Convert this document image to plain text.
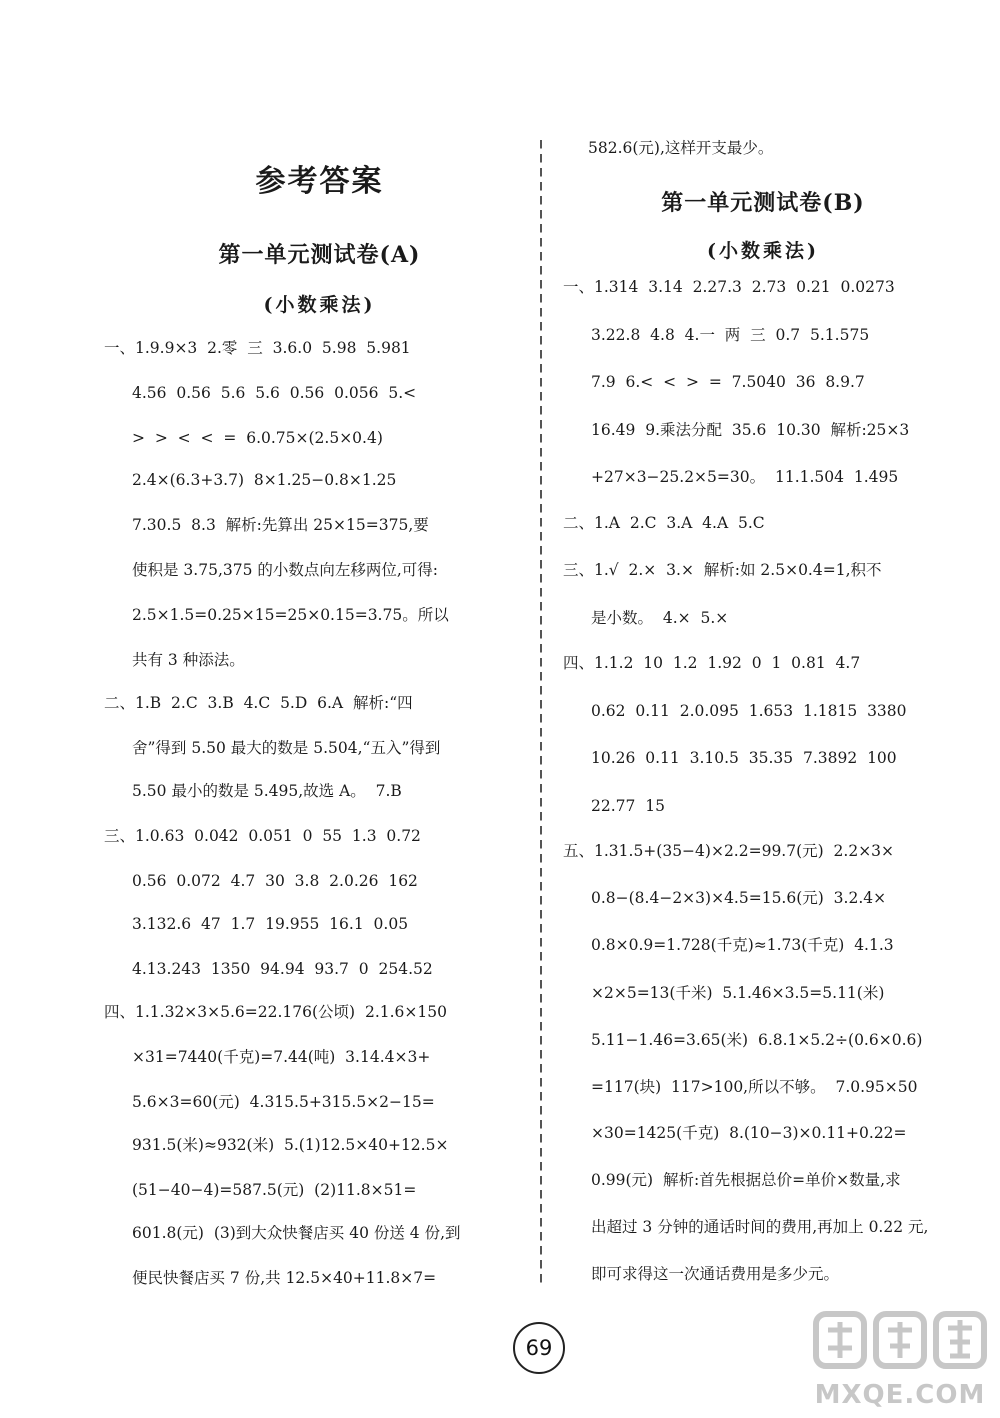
参考答案
第一单元测试卷(A)
(小数乘法)
一、1.9.9×3  2.零  三  3.6.0  5.98  5.981
4.56  0.56  5.6  5.6  0.56  0.056  5.<
>  >  <  <  =  6.0.75×(2.5×0.4)
2.4×(6.3+3.7)  8×1.25−0.8×1.25
7.30.5  8.3  解析:先算出 25×15=375,要
使积是 3.75,375 的小数点向左移两位,可得:
2.5×1.5=0.25×15=25×0.15=3.75。所以
共有 3 种添法。
二、1.B  2.C  3.B  4.C  5.D  6.A  解析:“四
舍”得到 5.50 最大的数是 5.504,“五入”得到
5.50 最小的数是 5.495,故选 A。  7.B
三、1.0.63  0.042  0.051  0  55  1.3  0.72
0.56  0.072  4.7  30  3.8  2.0.26  162
3.132.6  47  1.7  19.955  16.1  0.05
4.13.243  1350  94.94  93.7  0  254.52
四、1.1.32×3×5.6=22.176(公顷)  2.1.6×150
×31=7440(千克)=7.44(吨)  3.14.4×3+
5.6×3=60(元)  4.315.5+315.5×2−15=
931.5(米)≈932(米)  5.(1)12.5×40+12.5×
(51−40−4)=587.5(元)  (2)11.8×51=
601.8(元)  (3)到大众快餐店买 40 份送 4 份,到
便民快餐店买 7 份,共 12.5×40+11.8×7=
582.6(元),这样开支最少。
第一单元测试卷(B)
(小数乘法)
一、1.314  3.14  2.27.3  2.73  0.21  0.0273
3.22.8  4.8  4.一  两  三  0.7  5.1.575
7.9  6.<  <  >  =  7.5040  36  8.9.7
16.49  9.乘法分配  35.6  10.30  解析:25×3
+27×3−25.2×5=30。  11.1.504  1.495
二、1.A  2.C  3.A  4.A  5.C
三、1.√  2.×  3.×  解析:如 2.5×0.4=1,积不
是小数。  4.×  5.×
四、1.1.2  10  1.2  1.92  0  1  0.81  4.7
0.62  0.11  2.0.095  1.653  1.1815  3380
10.26  0.11  3.10.5  35.35  7.3892  100
22.77  15
五、1.31.5+(35−4)×2.2=99.7(元)  2.2×3×
0.8−(8.4−2×3)×4.5=15.6(元)  3.2.4×
0.8×0.9=1.728(千克)≈1.73(千克)  4.1.3
×2×5=13(千米)  5.1.46×3.5=5.11(米)
5.11−1.46=3.65(米)  6.8.1×5.2÷(0.6×0.6)
=117(块)  117>100,所以不够。  7.0.95×50
×30=1425(千克)  8.(10−3)×0.11+0.22=
0.99(元)  解析:首先根据总价=单价×数量,求
出超过 3 分钟的通话时间的费用,再加上 0.22 元,
即可求得这一次通话费用是多少元。
69
MXQE.COM
